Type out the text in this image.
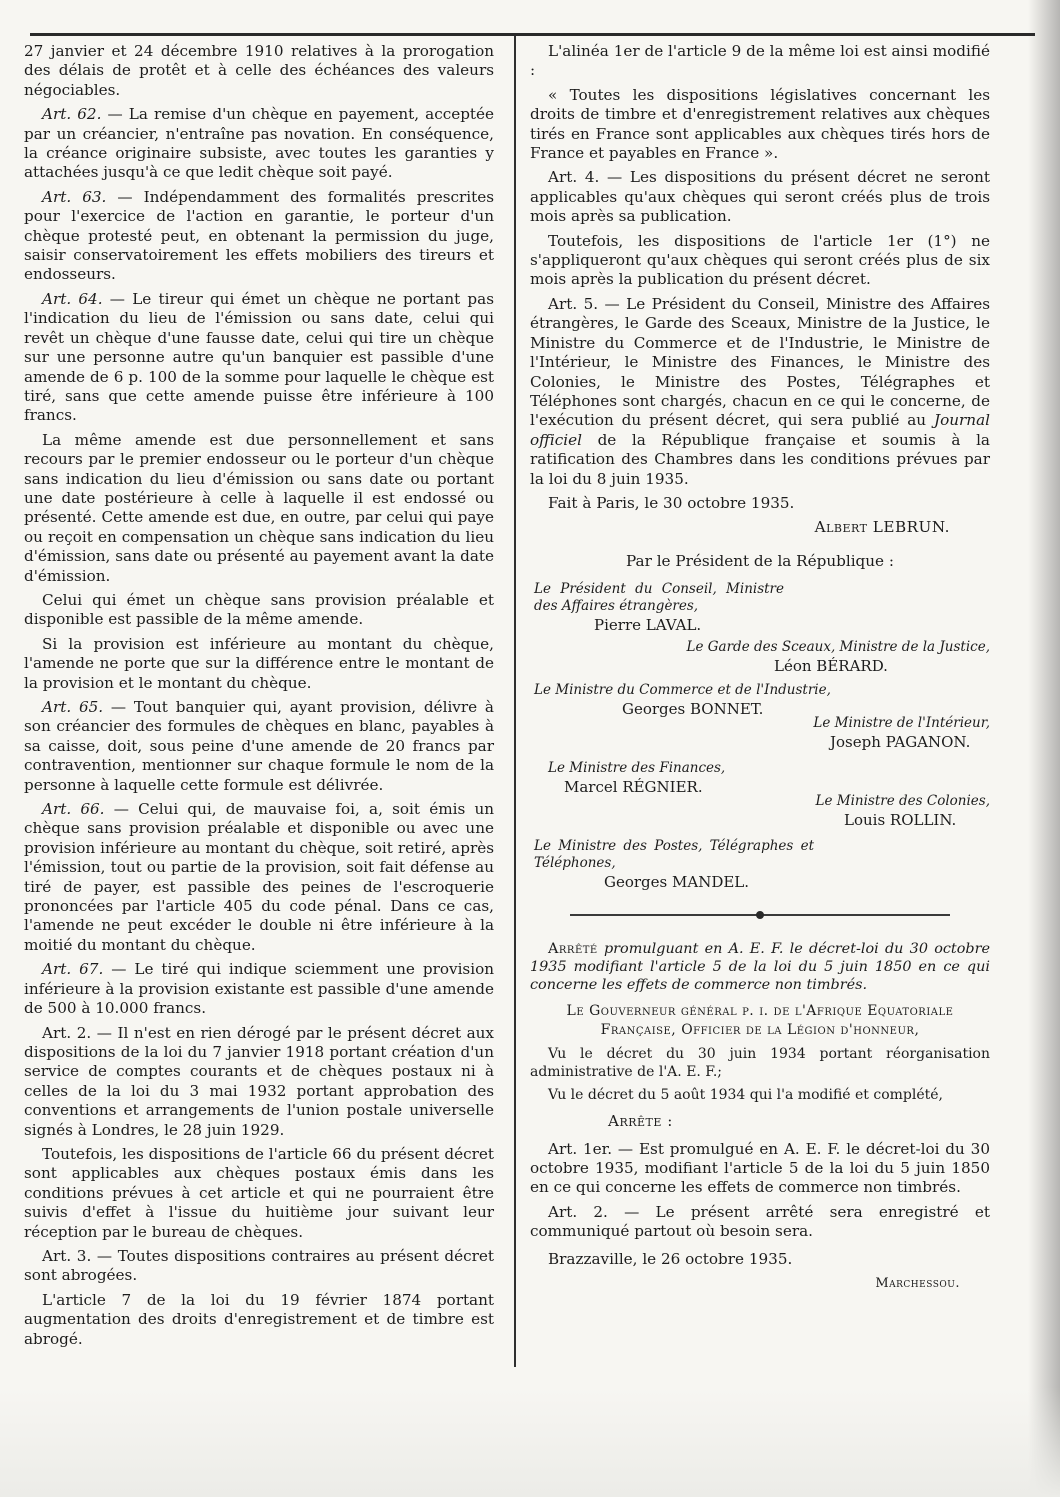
27 janvier et 24 décembre 1910 relatives à la prorogation des délais de protêt et à celle des échéances des valeurs négociables.

Art. 62. — La remise d'un chèque en payement, acceptée par un créancier, n'entraîne pas novation. En conséquence, la créance originaire subsiste, avec toutes les garanties y attachées jusqu'à ce que ledit chèque soit payé.

Art. 63. — Indépendamment des formalités prescrites pour l'exercice de l'action en garantie, le porteur d'un chèque protesté peut, en obtenant la permission du juge, saisir conservatoirement les effets mobiliers des tireurs et endosseurs.

Art. 64. — Le tireur qui émet un chèque ne portant pas l'indication du lieu de l'émission ou sans date, celui qui revêt un chèque d'une fausse date, celui qui tire un chèque sur une personne autre qu'un banquier est passible d'une amende de 6 p. 100 de la somme pour laquelle le chèque est tiré, sans que cette amende puisse être inférieure à 100 francs.

La même amende est due personnellement et sans recours par le premier endosseur ou le porteur d'un chèque sans indication du lieu d'émission ou sans date ou portant une date postérieure à celle à laquelle il est endossé ou présenté. Cette amende est due, en outre, par celui qui paye ou reçoit en compensation un chèque sans indication du lieu d'émission, sans date ou présenté au payement avant la date d'émission.

Celui qui émet un chèque sans provision préalable et disponible est passible de la même amende.

Si la provision est inférieure au montant du chèque, l'amende ne porte que sur la différence entre le montant de la provision et le montant du chèque.

Art. 65. — Tout banquier qui, ayant provision, délivre à son créancier des formules de chèques en blanc, payables à sa caisse, doit, sous peine d'une amende de 20 francs par contravention, mentionner sur chaque formule le nom de la personne à laquelle cette formule est délivrée.

Art. 66. — Celui qui, de mauvaise foi, a, soit émis un chèque sans provision préalable et disponible ou avec une provision inférieure au montant du chèque, soit retiré, après l'émission, tout ou partie de la provision, soit fait défense au tiré de payer, est passible des peines de l'escroquerie prononcées par l'article 405 du code pénal. Dans ce cas, l'amende ne peut excéder le double ni être inférieure à la moitié du montant du chèque.

Art. 67. — Le tiré qui indique sciemment une provision inférieure à la provision existante est passible d'une amende de 500 à 10.000 francs.

Art. 2. — Il n'est en rien dérogé par le présent décret aux dispositions de la loi du 7 janvier 1918 portant création d'un service de comptes courants et de chèques postaux ni à celles de la loi du 3 mai 1932 portant approbation des conventions et arrangements de l'union postale universelle signés à Londres, le 28 juin 1929.

Toutefois, les dispositions de l'article 66 du présent décret sont applicables aux chèques postaux émis dans les conditions prévues à cet article et qui ne pourraient être suivis d'effet à l'issue du huitième jour suivant leur réception par le bureau de chèques.

Art. 3. — Toutes dispositions contraires au présent décret sont abrogées.

L'article 7 de la loi du 19 février 1874 portant augmentation des droits d'enregistrement et de timbre est abrogé.

L'alinéa 1er de l'article 9 de la même loi est ainsi modifié :

« Toutes les dispositions législatives concernant les droits de timbre et d'enregistrement relatives aux chèques tirés en France sont applicables aux chèques tirés hors de France et payables en France ».

Art. 4. — Les dispositions du présent décret ne seront applicables qu'aux chèques qui seront créés plus de trois mois après sa publication.

Toutefois, les dispositions de l'article 1er (1°) ne s'appliqueront qu'aux chèques qui seront créés plus de six mois après la publication du présent décret.

Art. 5. — Le Président du Conseil, Ministre des Affaires étrangères, le Garde des Sceaux, Ministre de la Justice, le Ministre du Commerce et de l'Industrie, le Ministre de l'Intérieur, le Ministre des Finances, le Ministre des Colonies, le Ministre des Postes, Télégraphes et Téléphones sont chargés, chacun en ce qui le concerne, de l'exécution du présent décret, qui sera publié au Journal officiel de la République française et soumis à la ratification des Chambres dans les conditions prévues par la loi du 8 juin 1935.

Fait à Paris, le 30 octobre 1935.

Albert LEBRUN.

Par le Président de la République :

Le Président du Conseil, Ministre des Affaires étrangères,
Pierre LAVAL.
Le Garde des Sceaux, Ministre de la Justice,
Léon BÉRARD.
Le Ministre du Commerce et de l'Industrie,
Georges BONNET.
Le Ministre de l'Intérieur,
Joseph PAGANON.
Le Ministre des Finances,
Marcel RÉGNIER.
Le Ministre des Colonies,
Louis ROLLIN.
Le Ministre des Postes, Télégraphes et Téléphones,
Georges MANDEL.

Arrêté promulguant en A. E. F. le décret-loi du 30 octobre 1935 modifiant l'article 5 de la loi du 5 juin 1850 en ce qui concerne les effets de commerce non timbrés.

Le Gouverneur général p. i. de l'Afrique Equatoriale Française, Officier de la Légion d'honneur,

Vu le décret du 30 juin 1934 portant réorganisation administrative de l'A. E. F.;

Vu le décret du 5 août 1934 qui l'a modifié et complété,

Arrête :

Art. 1er. — Est promulgué en A. E. F. le décret-loi du 30 octobre 1935, modifiant l'article 5 de la loi du 5 juin 1850 en ce qui concerne les effets de commerce non timbrés.

Art. 2. — Le présent arrêté sera enregistré et communiqué partout où besoin sera.

Brazzaville, le 26 octobre 1935.

Marchessou.
